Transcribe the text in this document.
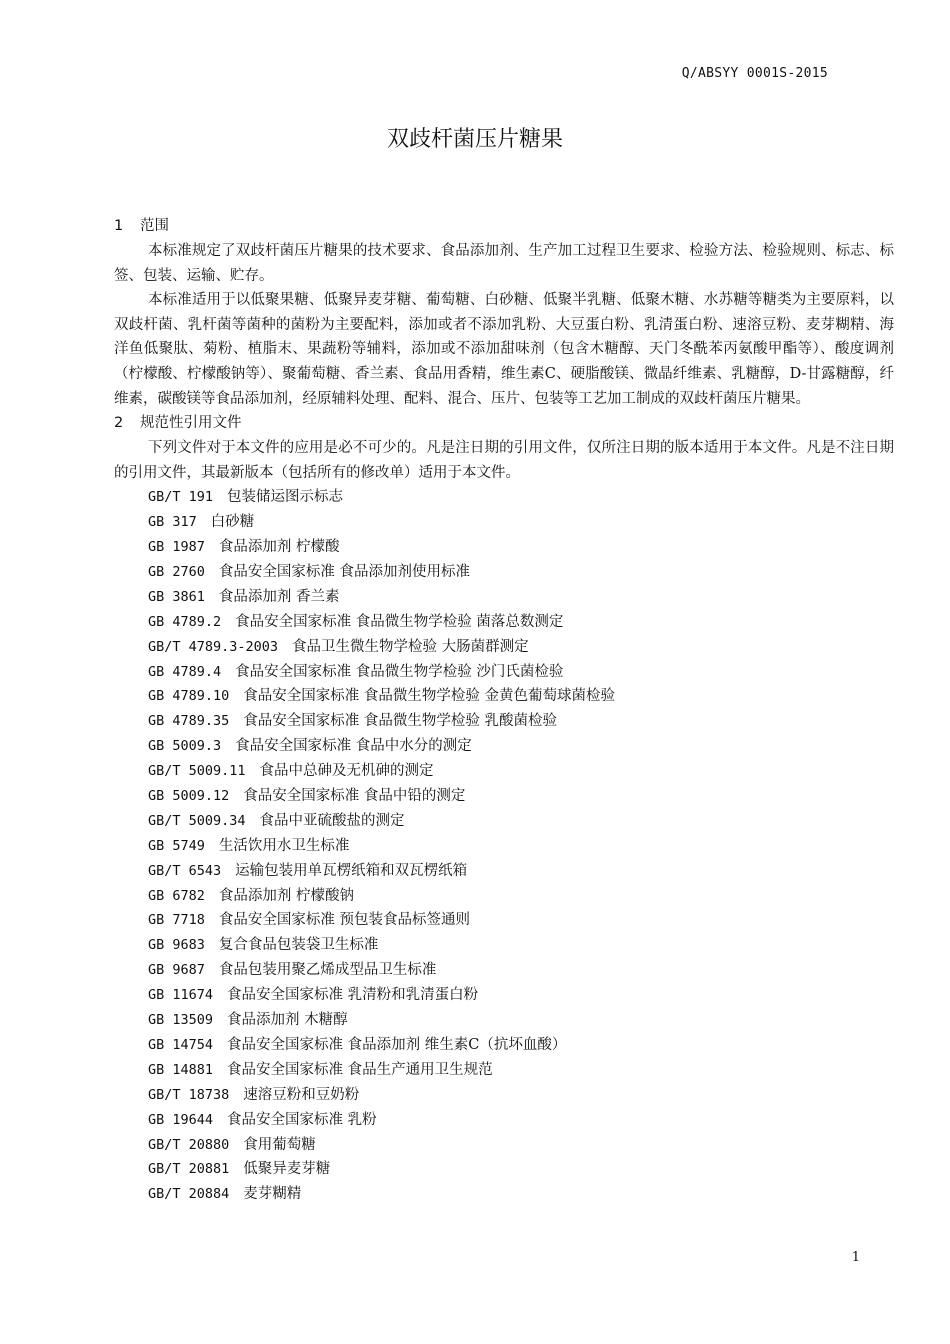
Q/ABSYY 0001S-2015
双歧杆菌压片糖果
1 范围

本标准规定了双歧杆菌压片糖果的技术要求、食品添加剂、生产加工过程卫生要求、检验方法、检验规则、标志、标签、包装、运输、贮存。

本标准适用于以低聚果糖、低聚异麦芽糖、葡萄糖、白砂糖、低聚半乳糖、低聚木糖、水苏糖等糖类为主要原料，以双歧杆菌、乳杆菌等菌种的菌粉为主要配料，添加或者不添加乳粉、大豆蛋白粉、乳清蛋白粉、速溶豆粉、麦芽糊精、海洋鱼低聚肽、菊粉、植脂末、果蔬粉等辅料，添加或不添加甜味剂（包含木糖醇、天门冬酰苯丙氨酸甲酯等）、酸度调剂（柠檬酸、柠檬酸钠等）、聚葡萄糖、香兰素、食品用香精，维生素C、硬脂酸镁、微晶纤维素、乳糖醇，D-甘露糖醇，纤维素，碳酸镁等食品添加剂，经原辅料处理、配料、混合、压片、包装等工艺加工制成的双歧杆菌压片糖果。

2 规范性引用文件

下列文件对于本文件的应用是必不可少的。凡是注日期的引用文件，仅所注日期的版本适用于本文件。凡是不注日期的引用文件，其最新版本（包括所有的修改单）适用于本文件。

GB/T 191 包装储运图示标志
GB 317 白砂糖
GB 1987 食品添加剂 柠檬酸
GB 2760 食品安全国家标准 食品添加剂使用标准
GB 3861 食品添加剂 香兰素
GB 4789.2 食品安全国家标准 食品微生物学检验 菌落总数测定
GB/T 4789.3-2003 食品卫生微生物学检验 大肠菌群测定
GB 4789.4 食品安全国家标准 食品微生物学检验 沙门氏菌检验
GB 4789.10 食品安全国家标准 食品微生物学检验 金黄色葡萄球菌检验
GB 4789.35 食品安全国家标准 食品微生物学检验 乳酸菌检验
GB 5009.3 食品安全国家标准 食品中水分的测定
GB/T 5009.11 食品中总砷及无机砷的测定
GB 5009.12 食品安全国家标准 食品中铅的测定
GB/T 5009.34 食品中亚硫酸盐的测定
GB 5749 生活饮用水卫生标准
GB/T 6543 运输包装用单瓦楞纸箱和双瓦楞纸箱
GB 6782 食品添加剂 柠檬酸钠
GB 7718 食品安全国家标准 预包装食品标签通则
GB 9683 复合食品包装袋卫生标准
GB 9687 食品包装用聚乙烯成型品卫生标准
GB 11674 食品安全国家标准 乳清粉和乳清蛋白粉
GB 13509 食品添加剂 木糖醇
GB 14754 食品安全国家标准 食品添加剂 维生素C（抗坏血酸）
GB 14881 食品安全国家标准 食品生产通用卫生规范
GB/T 18738 速溶豆粉和豆奶粉
GB 19644 食品安全国家标准 乳粉
GB/T 20880 食用葡萄糖
GB/T 20881 低聚异麦芽糖
GB/T 20884 麦芽糊精
1
